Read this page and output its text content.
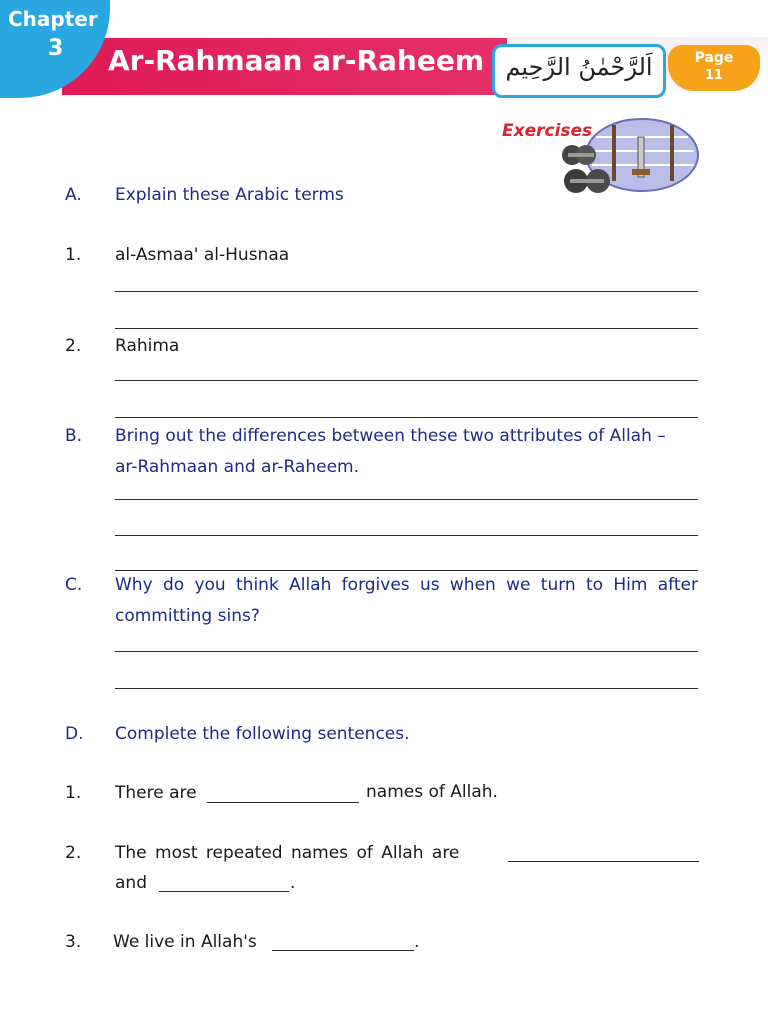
Ar-Rahmaan ar-Raheem
Chapter
3
اَلرَّحْمٰنُ الرَّحِيم	Page
11
Exercises
A. Explain these Arabic terms
1. al-Asmaa' al-Husnaa
2. Rahima
B. Bring out the differences between these two attributes of Allah –
ar-Rahmaan and ar-Raheem.
C. Why do you think Allah forgives us when we turn to Him after
committing sins?
D. Complete the following sentences.
1. There are	names of Allah.
2. The most repeated names of Allah are
and	.
3. We live in Allah's	.
